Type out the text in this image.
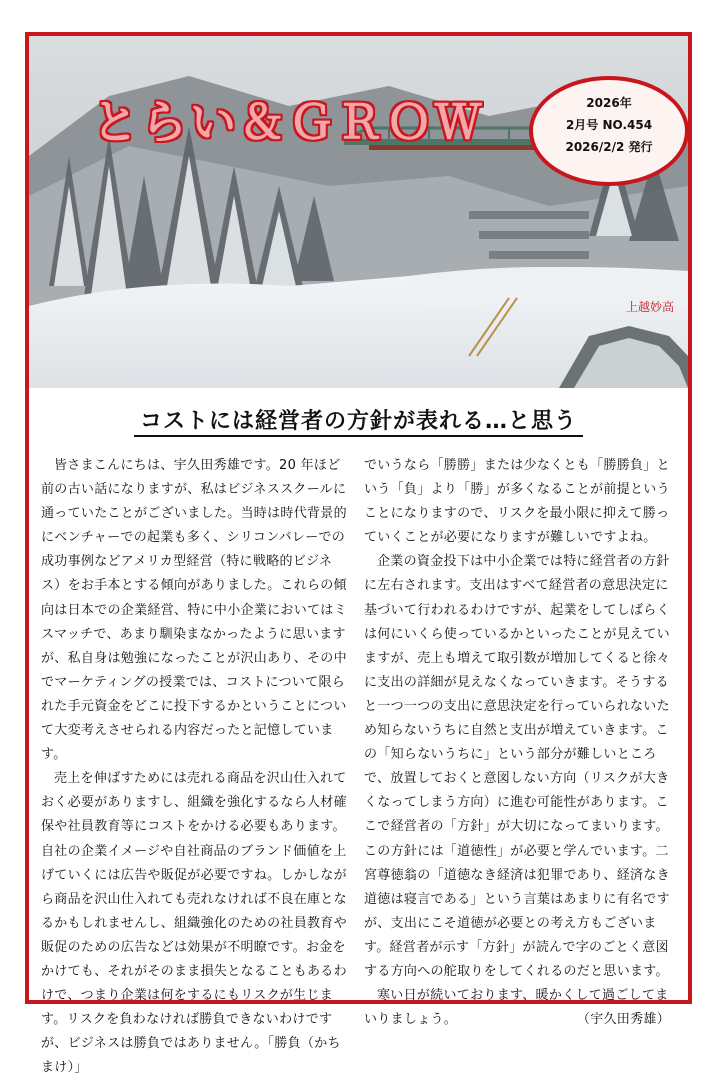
とらい＆ＧＲＯＷ	2026年
2月号 NO.454
2026/2/2 発行
上越妙高
コストには経営者の方針が表れる…と思う

皆さまこんにちは、宇久田秀雄です。20 年ほど前の古い話になりますが、私はビジネススクールに通っていたことがございました。当時は時代背景的にベンチャーでの起業も多く、シリコンバレーでの成功事例などアメリカ型経営（特に戦略的ビジネス）をお手本とする傾向がありました。これらの傾向は日本での企業経営、特に中小企業においてはミスマッチで、あまり馴染まなかったように思いますが、私自身は勉強になったことが沢山あり、その中でマーケティングの授業では、コストについて限られた手元資金をどこに投下するかということについて大変考えさせられる内容だったと記憶しています。

売上を伸ばすためには売れる商品を沢山仕入れておく必要がありますし、組織を強化するなら人材確保や社員教育等にコストをかける必要もあります。自社の企業イメージや自社商品のブランド価値を上げていくには広告や販促が必要ですね。しかしながら商品を沢山仕入れても売れなければ不良在庫となるかもしれませんし、組織強化のための社員教育や販促のための広告などは効果が不明瞭です。お金をかけても、それがそのまま損失となることもあるわけで、つまり企業は何をするにもリスクが生じます。リスクを負わなければ勝負できないわけですが、ビジネスは勝負ではありません。「勝負（かちまけ）」

でいうなら「勝勝」または少なくとも「勝勝負」という「負」より「勝」が多くなることが前提ということになりますので、リスクを最小限に抑えて勝っていくことが必要になりますが難しいですよね。

企業の資金投下は中小企業では特に経営者の方針に左右されます。支出はすべて経営者の意思決定に基づいて行われるわけですが、起業をしてしばらくは何にいくら使っているかといったことが見えていますが、売上も増えて取引数が増加してくると徐々に支出の詳細が見えなくなっていきます。そうすると一つ一つの支出に意思決定を行っていられないため知らないうちに自然と支出が増えていきます。この「知らないうちに」という部分が難しいところで、放置しておくと意図しない方向（リスクが大きくなってしまう方向）に進む可能性があります。ここで経営者の「方針」が大切になってまいります。この方針には「道徳性」が必要と学んでいます。二宮尊徳翁の「道徳なき経済は犯罪であり、経済なき道徳は寝言である」という言葉はあまりに有名ですが、支出にこそ道徳が必要との考え方もございます。経営者が示す「方針」が読んで字のごとく意図する方向への舵取りをしてくれるのだと思います。

寒い日が続いております、暖かくして過ごしてまいりましょう。	（宇久田秀雄）
